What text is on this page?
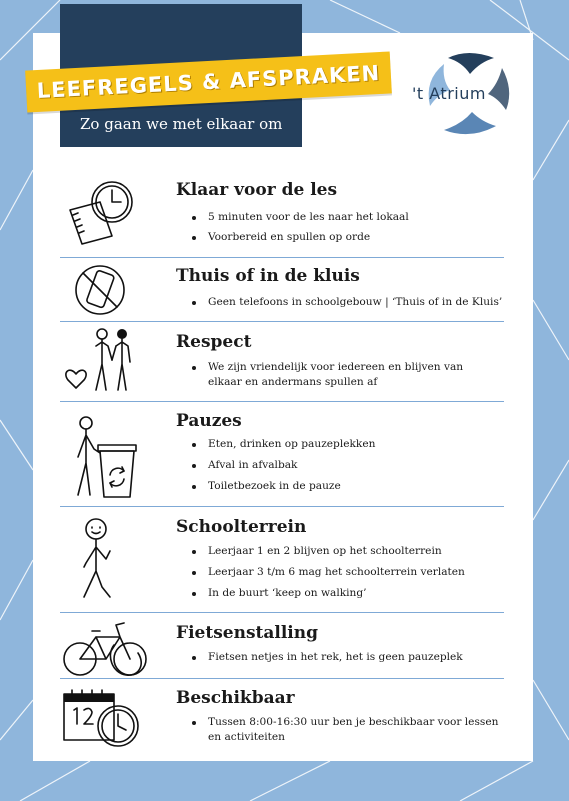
LEEFREGELS & AFSPRAKEN
Zo gaan we met elkaar om
't Atrium
Klaar voor de les
5 minuten voor de les naar het lokaal
Voorbereid en spullen op orde
Thuis of in de kluis
Geen telefoons in schoolgebouw | ‘Thuis of in de Kluis’
Respect
We zijn vriendelijk voor iedereen en blijven van elkaar en andermans spullen af
Pauzes
Eten, drinken op pauzeplekken
Afval in afvalbak
Toiletbezoek in de pauze
Schoolterrein
Leerjaar 1 en 2 blijven op het schoolterrein
Leerjaar 3 t/m 6 mag het schoolterrein verlaten
In de buurt ‘keep on walking’
Fietsenstalling
Fietsen netjes in het rek, het is geen pauzeplek
Beschikbaar
Tussen 8:00-16:30 uur ben je beschikbaar voor lessen en activiteiten
